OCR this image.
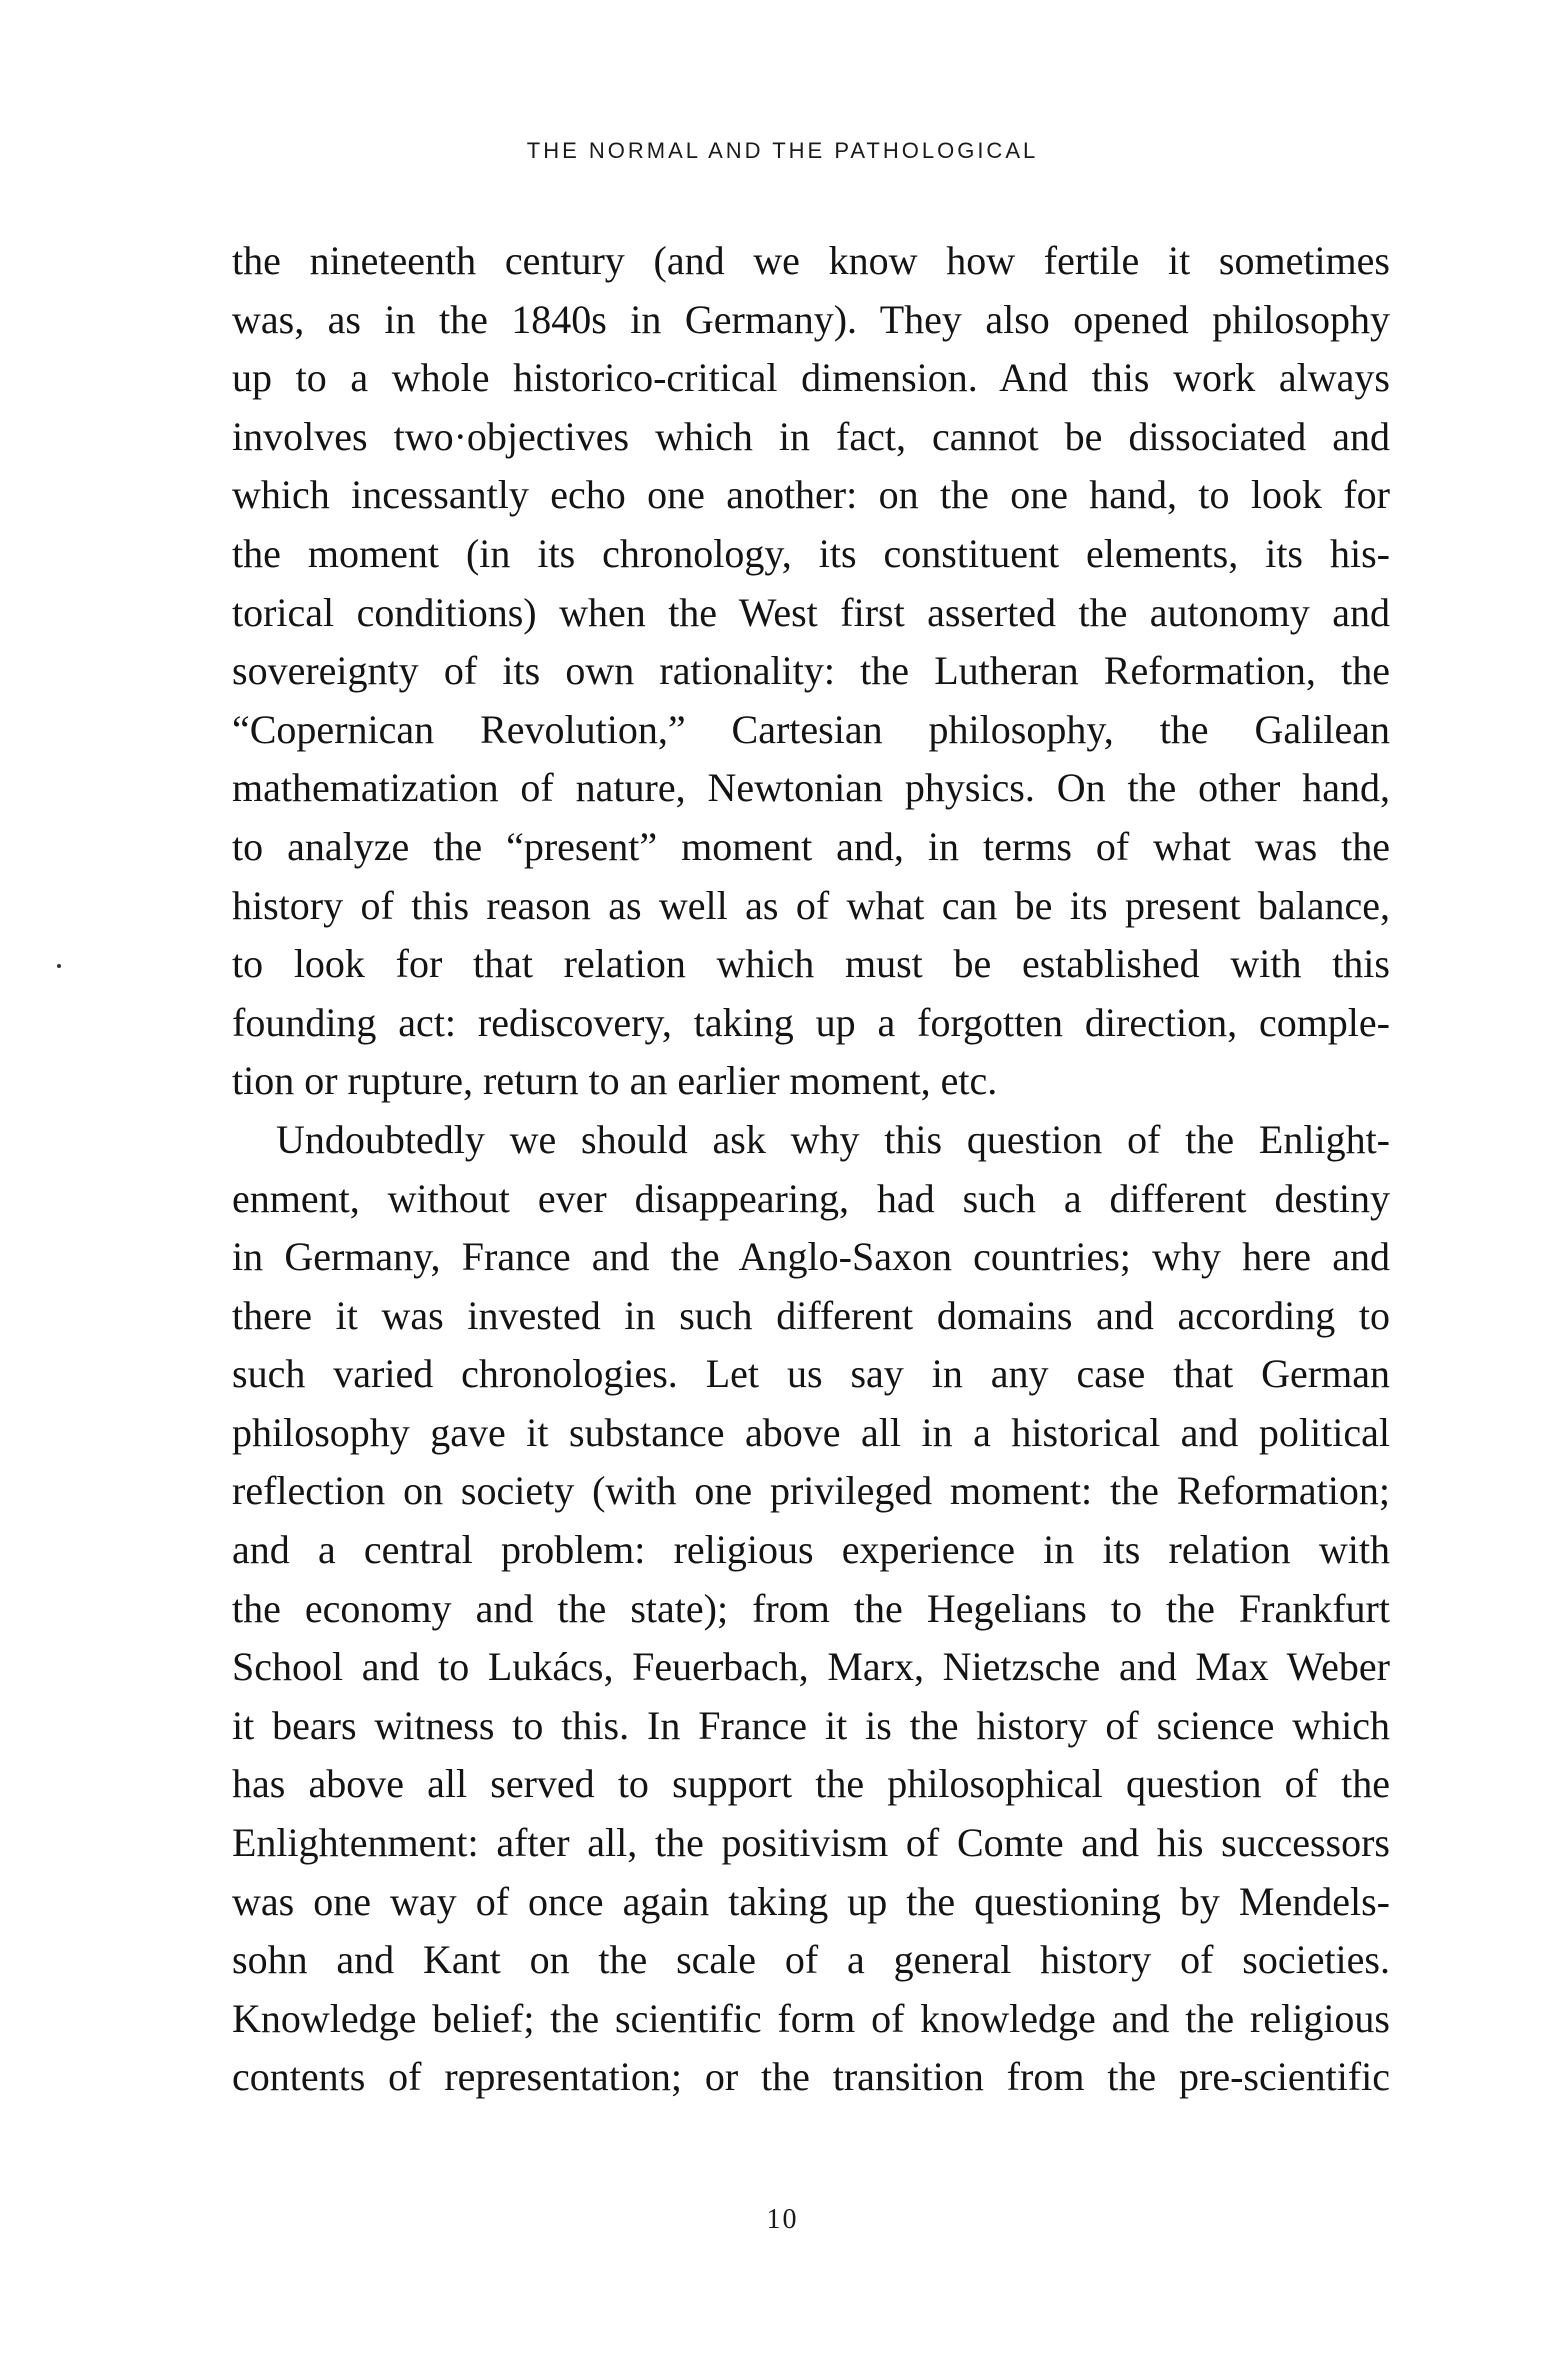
THE NORMAL AND THE PATHOLOGICAL
the nineteenth century (and we know how fertile it sometimes
was, as in the 1840s in Germany). They also opened philosophy
up to a whole historico-critical dimension. And this work always
involves two·objectives which in fact, cannot be dissociated and
which incessantly echo one another: on the one hand, to look for
the moment (in its chronology, its constituent elements, its his-
torical conditions) when the West first asserted the autonomy and
sovereignty of its own rationality: the Lutheran Reformation, the
“Copernican Revolution,” Cartesian philosophy, the Galilean
mathematization of nature, Newtonian physics. On the other hand,
to analyze the “present” moment and, in terms of what was the
history of this reason as well as of what can be its present balance,
to look for that relation which must be established with this
founding act: rediscovery, taking up a forgotten direction, comple-
tion or rupture, return to an earlier moment, etc.
Undoubtedly we should ask why this question of the Enlight-
enment, without ever disappearing, had such a different destiny
in Germany, France and the Anglo-Saxon countries; why here and
there it was invested in such different domains and according to
such varied chronologies. Let us say in any case that German
philosophy gave it substance above all in a historical and political
reflection on society (with one privileged moment: the Reformation;
and a central problem: religious experience in its relation with
the economy and the state); from the Hegelians to the Frankfurt
School and to Lukács, Feuerbach, Marx, Nietzsche and Max Weber
it bears witness to this. In France it is the history of science which
has above all served to support the philosophical question of the
Enlightenment: after all, the positivism of Comte and his successors
was one way of once again taking up the questioning by Mendels-
sohn and Kant on the scale of a general history of societies.
Knowledge belief; the scientific form of knowledge and the religious
contents of representation; or the transition from the pre-scientific
10
